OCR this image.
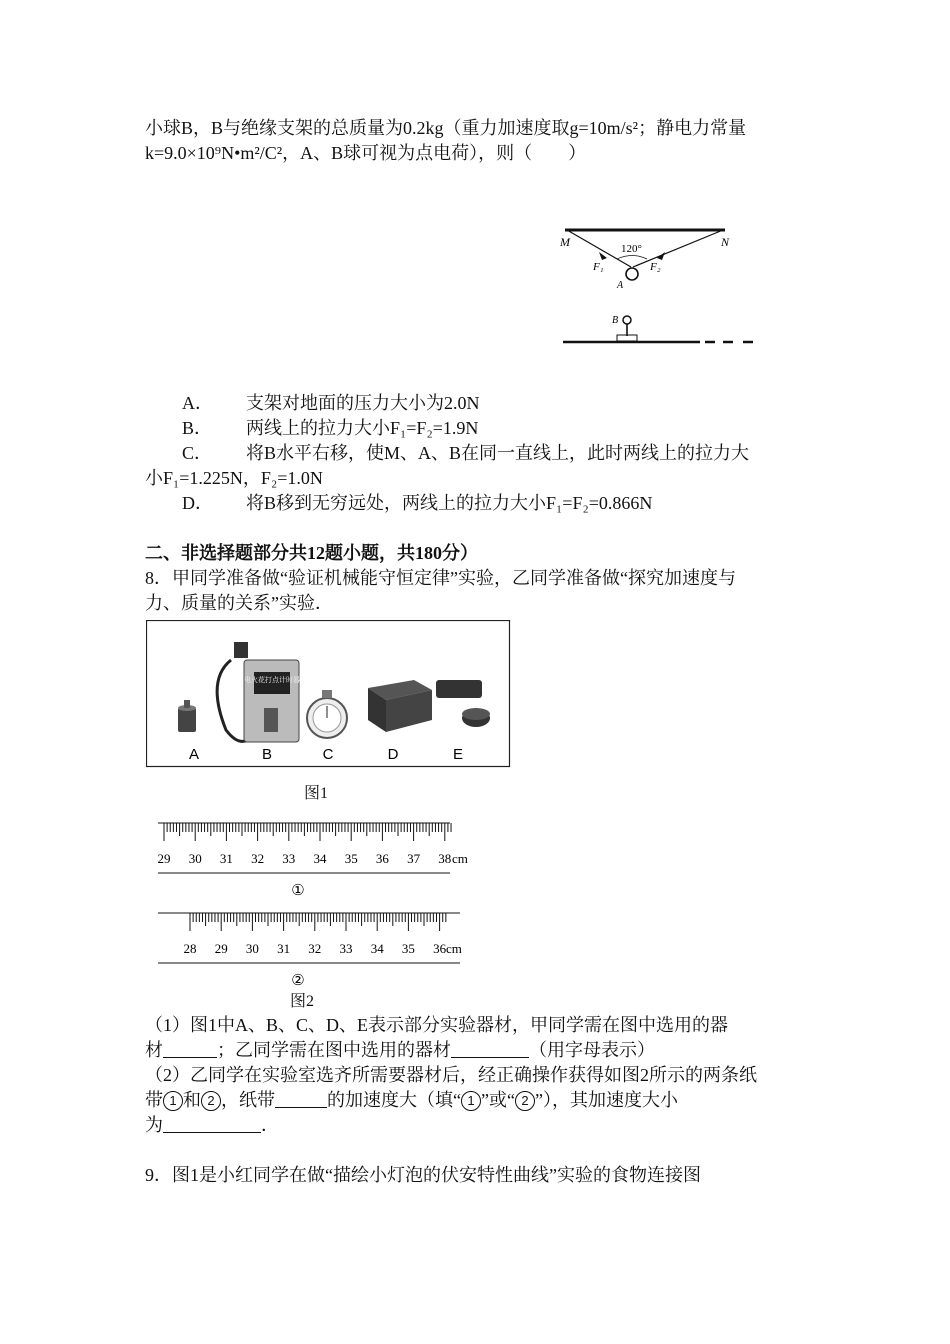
小球B，B与绝缘支架的总质量为0.2kg（重力加速度取g=10m/s²；静电力常量
k=9.0×10⁹N•m²/C²，A、B球可视为点电荷），则（　　）
M	N
120°
F₁	F₂
A
B
A． 支架对地面的压力大小为2.0N
B． 两线上的拉力大小F₁=F₂=1.9N
C． 将B水平右移，使M、A、B在同一直线上，此时两线上的拉力大
小F₁=1.225N，F₂=1.0N
D． 将B移到无穷远处，两线上的拉力大小F₁=F₂=0.866N
二、非选择题部分共12题小题，共180分）
8．甲同学准备做“验证机械能守恒定律”实验，乙同学准备做“探究加速度与
力、质量的关系”实验．
电火花打点计时器
A	B	C	D	E
图1
29 30 31 32 33 34 35 36 37 38 cm
①
28 29 30 31 32 33 34 35 36 cm
②
图2
（1）图1中A、B、C、D、E表示部分实验器材，甲同学需在图中选用的器
材	；乙同学需在图中选用的器材	（用字母表示）
（2）乙同学在实验室选齐所需要器材后，经正确操作获得如图2所示的两条纸
带 1 和 2 ，纸带	的加速度大（填“ 1 ”或“ 2 ”），其加速度大小
为	．
9．图1是小红同学在做“描绘小灯泡的伏安特性曲线”实验的食物连接图
